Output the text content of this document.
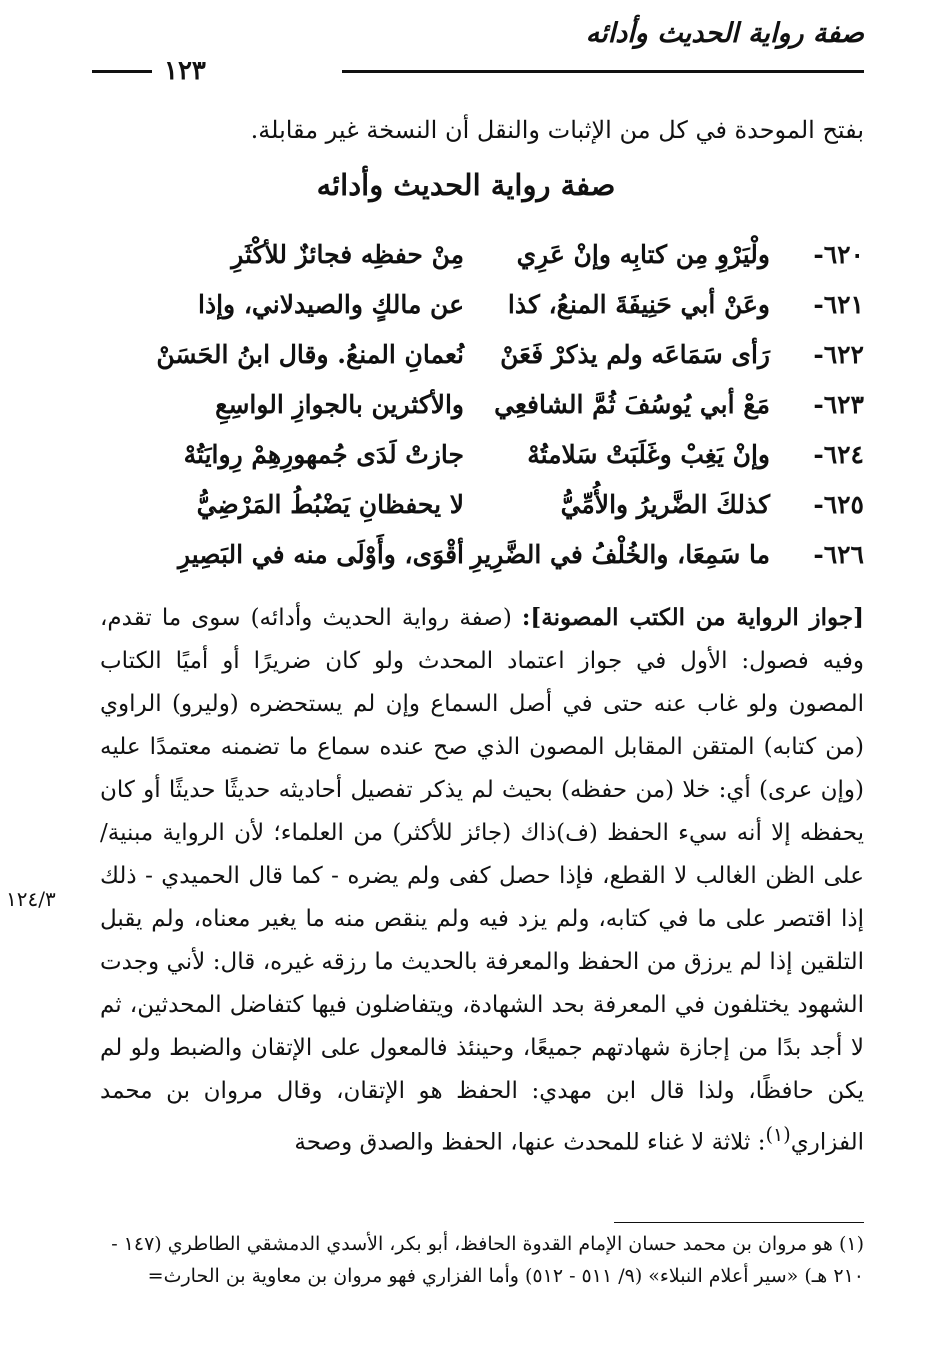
صفة رواية الحديث وأدائه
١٢٣
بفتح الموحدة في كل من الإثبات والنقل أن النسخة غير مقابلة.
صفة رواية الحديث وأدائه
٦٢٠-
ولْيَرْوِ مِن كتابِه وإنْ عَرِي
مِنْ حفظِه فجائزٌ للأكْثَرِ
٦٢١-
وعَنْ أبي حَنِيفَةَ المنعُ، كذا
عن مالكٍ والصيدلاني، وإذا
٦٢٢-
رَأى سَمَاعَه ولم يذكرْ فَعَنْ
نُعمانِ المنعُ. وقال ابنُ الحَسَنْ
٦٢٣-
مَعْ أبي يُوسُفَ ثُمَّ الشافعِي
والأكثرين بالجوازِ الواسِعِ
٦٢٤-
وإنْ يَغِبْ وغَلَبَتْ سَلامتُهْ
جازتْ لَدَى جُمهورِهِمْ رِوايَتُهْ
٦٢٥-
كذلكَ الضَّريرُ والأُمِّيُّ
لا يحفظانِ يَضْبُطُ المَرْضِيُّ
٦٢٦-
ما سَمِعَا، والخُلْفُ في الضَّرِيرِ
أقْوَى، وأَوْلَى منه في البَصِيرِ
[جواز الرواية من الكتب المصونة]: (صفة رواية الحديث وأدائه) سوى ما تقدم، وفيه فصول: الأول في جواز اعتماد المحدث ولو كان ضريرًا أو أميًا الكتاب المصون ولو غاب عنه حتى في أصل السماع وإن لم يستحضره (وليرو) الراوي (من كتابه) المتقن المقابل المصون الذي صح عنده سماع ما تضمنه معتمدًا عليه (وإن عرى) أي: خلا (من حفظه) بحيث لم يذكر تفصيل أحاديثه حديثًا حديثًا أو كان يحفظه إلا أنه سيء الحفظ (ف)ذاك (جائز للأكثر) من العلماء؛ لأن الرواية مبنية/ على الظن الغالب لا القطع، فإذا حصل كفى ولم يضره - كما قال الحميدي - ذلك إذا اقتصر على ما في كتابه، ولم يزد فيه ولم ينقص منه ما يغير معناه، ولم يقبل التلقين إذا لم يرزق من الحفظ والمعرفة بالحديث ما رزقه غيره، قال: لأني وجدت الشهود يختلفون في المعرفة بحد الشهادة، ويتفاضلون فيها كتفاضل المحدثين، ثم لا أجد بدًا من إجازة شهادتهم جميعًا، وحينئذ فالمعول على الإتقان والضبط ولو لم يكن حافظًا، ولذا قال ابن مهدي: الحفظ هو الإتقان، وقال مروان بن محمد الفزاري$^{(١)}$: ثلاثة لا غناء للمحدث عنها، الحفظ والصدق وصحة
١٢٤/٣
(١) هو مروان بن محمد حسان الإمام القدوة الحافظ، أبو بكر، الأسدي الدمشقي الطاطري (١٤٧ - ٢١٠ هـ) «سير أعلام النبلاء» (٩/ ٥١١ - ٥١٢) وأما الفزاري فهو مروان بن معاوية بن الحارث=
